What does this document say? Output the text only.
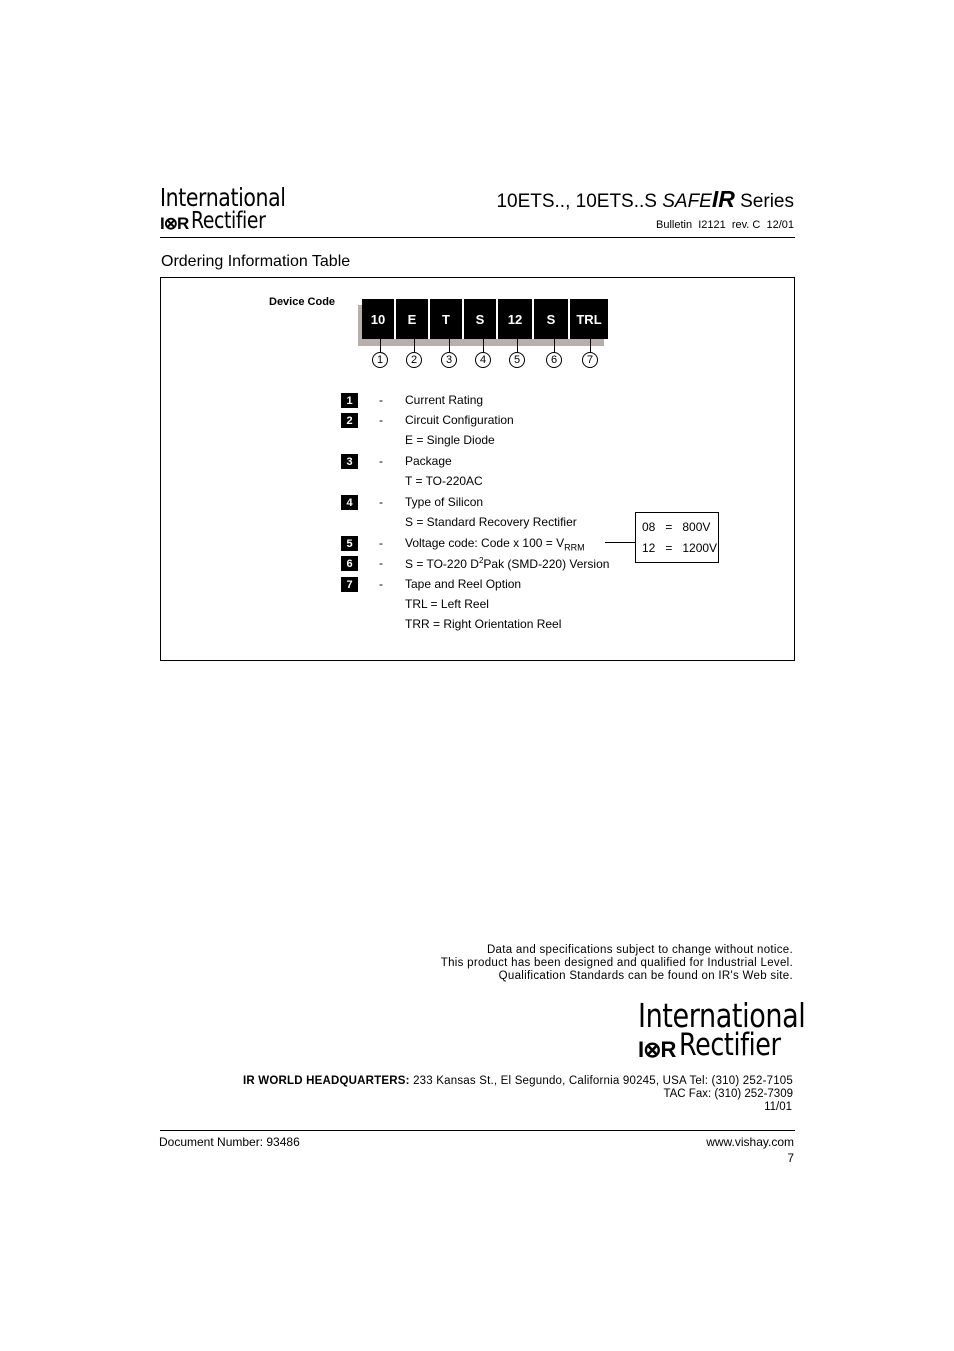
International
I⊗R Rectifier
10ETS.., 10ETS..S SAFEIR Series
Bulletin  I2121  rev. C  12/01
Ordering Information Table
Device Code
10	E	T	S	12	S	TRL
1	2	3	4	5	6	7
1	- Current Rating
2	- Circuit Configuration
E = Single Diode
3	- Package
T = TO-220AC
4	- Type of Silicon
S = Standard Recovery Rectifier
5	- Voltage code: Code x $100 = V_{RRM}$
6	- S = TO-220 $D^2Pak$ (SMD-220) Version
7	- Tape and Reel Option
TRL = Left Reel
TRR = Right Orientation Reel
08   =   800V
12   =   1200V
Data and specifications subject to change without notice.
This product has been designed and qualified for Industrial Level.
Qualification Standards can be found on IR's Web site.
International
I⊗R Rectifier
IR WORLD HEADQUARTERS: 233 Kansas St., El Segundo, California 90245, USA Tel: (310) 252-7105
TAC Fax: (310) 252-7309
11/01
Document Number: 93486	www.vishay.com
7
